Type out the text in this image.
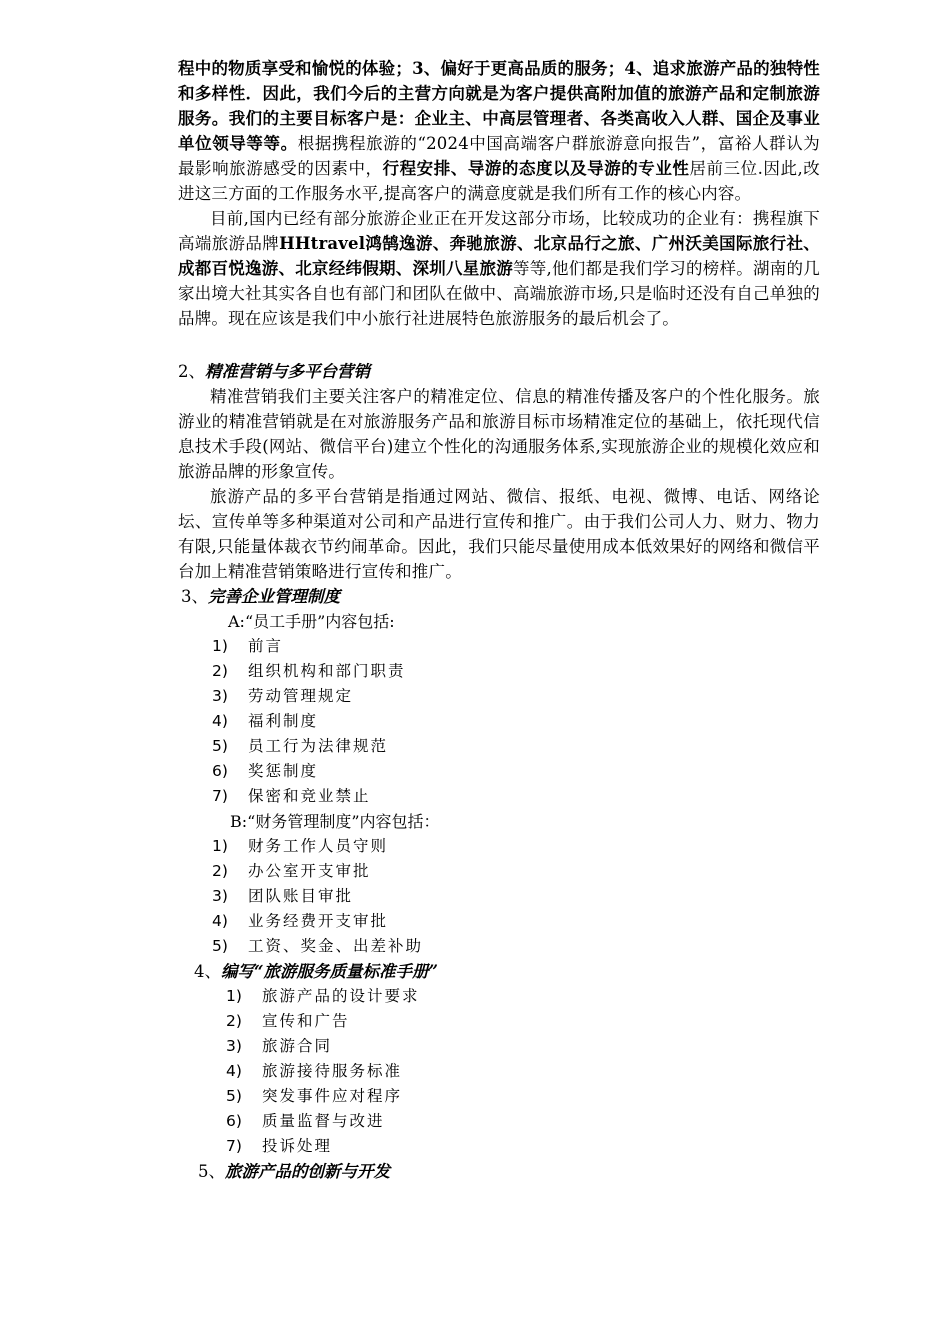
程中的物质享受和愉悦的体验；3、偏好于更高品质的服务；4、追求旅游产品的独特性和多样性．因此，我们今后的主营方向就是为客户提供高附加值的旅游产品和定制旅游服务。我们的主要目标客户是：企业主、中高层管理者、各类高收入人群、国企及事业单位领导等等。根据携程旅游的“2024中国高端客户群旅游意向报告”，富裕人群认为最影响旅游感受的因素中，行程安排、导游的态度以及导游的专业性居前三位.因此,改进这三方面的工作服务水平,提高客户的满意度就是我们所有工作的核心内容。

目前,国内已经有部分旅游企业正在开发这部分市场，比较成功的企业有：携程旗下高端旅游品牌HHtravel鸿鹄逸游、奔驰旅游、北京品行之旅、广州沃美国际旅行社、成都百悦逸游、北京经纬假期、深圳八星旅游等等,他们都是我们学习的榜样。湖南的几家出境大社其实各自也有部门和团队在做中、高端旅游市场,只是临时还没有自己单独的品牌。现在应该是我们中小旅行社进展特色旅游服务的最后机会了。

2、精准营销与多平台营销

精准营销我们主要关注客户的精准定位、信息的精准传播及客户的个性化服务。旅游业的精准营销就是在对旅游服务产品和旅游目标市场精准定位的基础上，依托现代信息技术手段(网站、微信平台)建立个性化的沟通服务体系,实现旅游企业的规模化效应和旅游品牌的形象宣传。

旅游产品的多平台营销是指通过网站、微信、报纸、电视、微博、电话、网络论坛、宣传单等多种渠道对公司和产品进行宣传和推广。由于我们公司人力、财力、物力有限,只能量体裁衣节约闹革命。因此，我们只能尽量使用成本低效果好的网络和微信平台加上精准营销策略进行宣传和推广。

3、完善企业管理制度

A:“员工手册”内容包括:

1)	前言
2)	组织机构和部门职责
3)	劳动管理规定
4)	福利制度
5)	员工行为法律规范
6)	奖惩制度
7)	保密和竞业禁止

B:“财务管理制度”内容包括：

1)	财务工作人员守则
2)	办公室开支审批
3)	团队账目审批
4)	业务经费开支审批
5)	工资、奖金、出差补助

4、编写“旅游服务质量标准手册”

1)	旅游产品的设计要求
2)	宣传和广告
3)	旅游合同
4)	旅游接待服务标准
5)	突发事件应对程序
6)	质量监督与改进
7)	投诉处理

5、旅游产品的创新与开发
